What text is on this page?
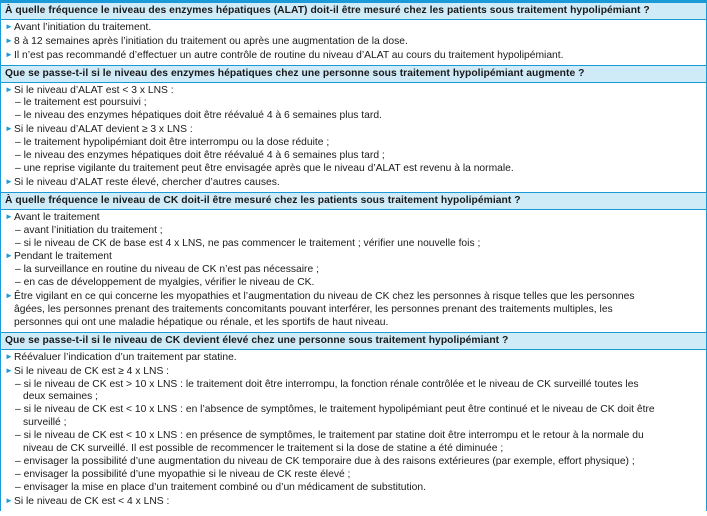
À quelle fréquence le niveau des enzymes hépatiques (ALAT) doit-il être mesuré chez les patients sous traitement hypolipémiant ?
►Avant l’initiation du traitement.
►8 à 12 semaines après l’initiation du traitement ou après une augmentation de la dose.
►Il n’est pas recommandé d’effectuer un autre contrôle de routine du niveau d’ALAT au cours du traitement hypolipémiant.
Que se passe-t-il si le niveau des enzymes hépatiques chez une personne sous traitement hypolipémiant augmente ?
►Si le niveau d’ALAT est < 3 x LNS :
– le traitement est poursuivi ;
– le niveau des enzymes hépatiques doit être réévalué 4 à 6 semaines plus tard.
►Si le niveau d’ALAT devient ≥ 3 x LNS :
– le traitement hypolipémiant doit être interrompu ou la dose réduite ;
– le niveau des enzymes hépatiques doit être réévalué 4 à 6 semaines plus tard ;
– une reprise vigilante du traitement peut être envisagée après que le niveau d’ALAT est revenu à la normale.
►Si le niveau d’ALAT reste élevé, chercher d’autres causes.
À quelle fréquence le niveau de CK doit-il être mesuré chez les patients sous traitement hypolipémiant ?
►Avant le traitement
– avant l’initiation du traitement ;
– si le niveau de CK de base est 4 x LNS, ne pas commencer le traitement ; vérifier une nouvelle fois ;
►Pendant le traitement
– la surveillance en routine du niveau de CK n’est pas nécessaire ;
– en cas de développement de myalgies, vérifier le niveau de CK.
►Être vigilant en ce qui concerne les myopathies et l’augmentation du niveau de CK chez les personnes à risque telles que les personnes
âgées, les personnes prenant des traitements concomitants pouvant interférer, les personnes prenant des traitements multiples, les
personnes qui ont une maladie hépatique ou rénale, et les sportifs de haut niveau.
Que se passe-t-il si le niveau de CK devient élevé chez une personne sous traitement hypolipémiant ?
►Réévaluer l’indication d’un traitement par statine.
►Si le niveau de CK est ≥ 4 x LNS :
– si le niveau de CK est > 10 x LNS : le traitement doit être interrompu, la fonction rénale contrôlée et le niveau de CK surveillé toutes les
deux semaines ;
– si le niveau de CK est < 10 x LNS : en l’absence de symptômes, le traitement hypolipémiant peut être continué et le niveau de CK doit être
surveillé ;
– si le niveau de CK est < 10 x LNS : en présence de symptômes, le traitement par statine doit être interrompu et le retour à la normale du
niveau de CK surveillé. Il est possible de recommencer le traitement si la dose de statine a été diminuée ;
– envisager la possibilité d’une augmentation du niveau de CK temporaire due à des raisons extérieures (par exemple, effort physique) ;
– envisager la possibilité d’une myopathie si le niveau de CK reste élevé ;
– envisager la mise en place d’un traitement combiné ou d’un médicament de substitution.
►Si le niveau de CK est < 4 x LNS :
